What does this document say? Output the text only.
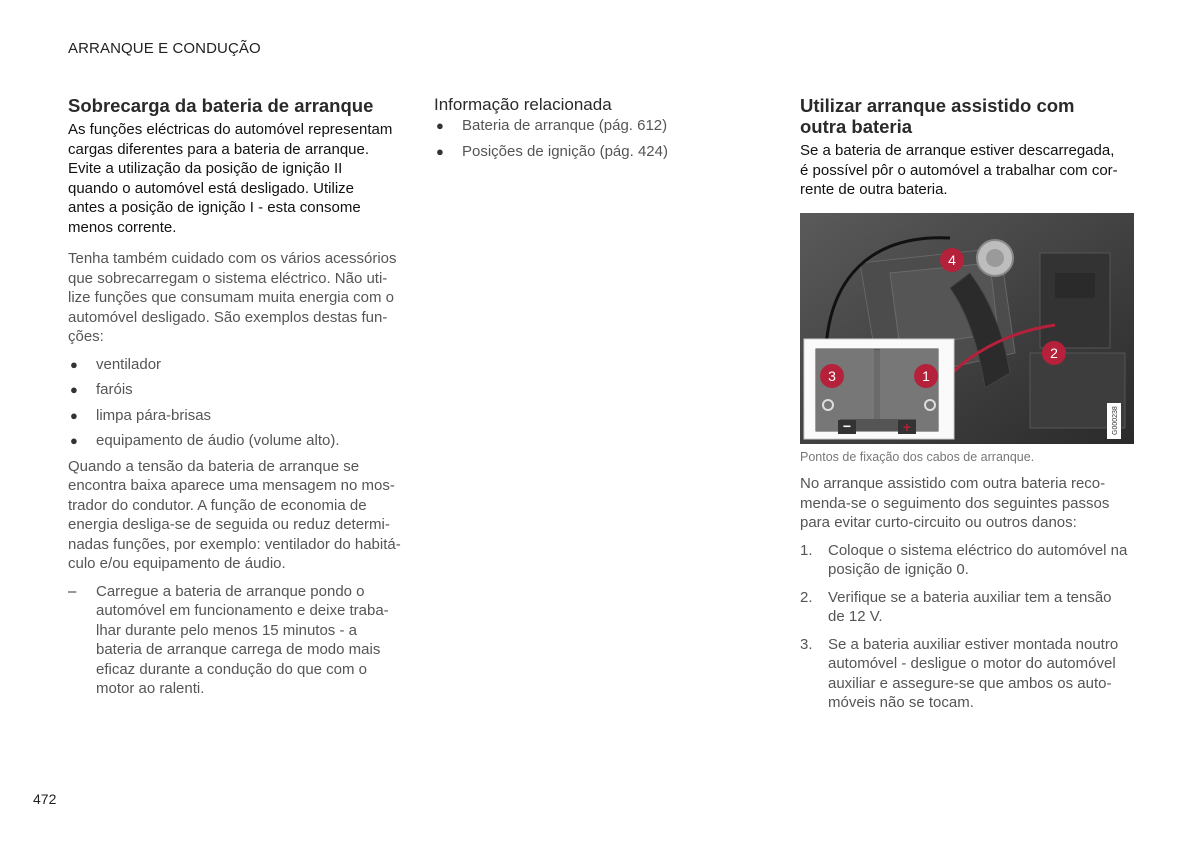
ARRANQUE E CONDUÇÃO
Sobrecarga da bateria de arranque

As funções eléctricas do automóvel representam

cargas diferentes para a bateria de arranque.

Evite a utilização da posição de ignição II

quando o automóvel está desligado. Utilize

antes a posição de ignição I - esta consome

menos corrente.

Tenha também cuidado com os vários acessórios

que sobrecarregam o sistema eléctrico. Não uti-

lize funções que consumam muita energia com o

automóvel desligado. São exemplos destas fun-

ções:

● ventilador
● faróis
● limpa pára-brisas
● equipamento de áudio (volume alto).

Quando a tensão da bateria de arranque se

encontra baixa aparece uma mensagem no mos-

trador do condutor. A função de economia de

energia desliga-se de seguida ou reduz determi-

nadas funções, por exemplo: ventilador do habitá-

culo e/ou equipamento de áudio.

– Carregue a bateria de arranque pondo o

automóvel em funcionamento e deixe traba-

lhar durante pelo menos 15 minutos - a

bateria de arranque carrega de modo mais

eficaz durante a condução do que com o

motor ao ralenti.

Informação relacionada
● Bateria de arranque (pág. 612)
● Posições de ignição (pág. 424)
Utilizar arranque assistido com
outra bateria

Se a bateria de arranque estiver descarregada,

é possível pôr o automóvel a trabalhar com cor-

rente de outra bateria.

−	+
1
2
3
4
G000238

Pontos de fixação dos cabos de arranque.

No arranque assistido com outra bateria reco-

menda-se o seguimento dos seguintes passos

para evitar curto-circuito ou outros danos:

1. Coloque o sistema eléctrico do automóvel na
posição de ignição 0.
2. Verifique se a bateria auxiliar tem a tensão
de 12 V.
3. Se a bateria auxiliar estiver montada noutro
automóvel - desligue o motor do automóvel
auxiliar e assegure-se que ambos os auto-
móveis não se tocam.
472
